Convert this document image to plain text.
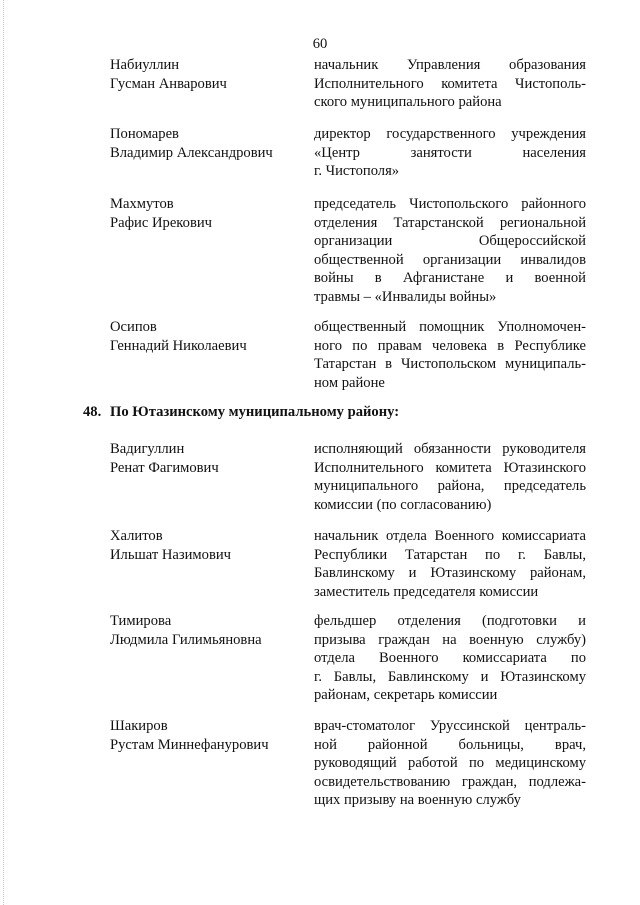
60
Набиуллин
Гусман Анварович
начальник Управления образования
Исполнительного комитета Чистополь-
ского муниципального района
Пономарев
Владимир Александрович
директор государственного учреждения
«Центр занятости населения
г. Чистополя»
Махмутов
Рафис Ирекович
председатель Чистопольского районного
отделения Татарстанской региональной
организации Общероссийской
общественной организации инвалидов
войны в Афганистане и военной
травмы – «Инвалиды войны»
Осипов
Геннадий Николаевич
общественный помощник Уполномочен-
ного по правам человека в Республике
Татарстан в Чистопольском муниципаль-
ном районе
48. По Ютазинскому муниципальному району:
Вадигуллин
Ренат Фагимович
исполняющий обязанности руководителя
Исполнительного комитета Ютазинского
муниципального района, председатель
комиссии (по согласованию)
Халитов
Ильшат Назимович
начальник отдела Военного комиссариата
Республики Татарстан по г. Бавлы,
Бавлинскому и Ютазинскому районам,
заместитель председателя комиссии
Тимирова
Людмила Гилимьяновна
фельдшер отделения (подготовки и
призыва граждан на военную службу)
отдела Военного комиссариата по
г. Бавлы, Бавлинскому и Ютазинскому
районам, секретарь комиссии
Шакиров
Рустам Миннефанурович
врач-стоматолог Уруссинской централь-
ной районной больницы, врач,
руководящий работой по медицинскому
освидетельствованию граждан, подлежа-
щих призыву на военную службу
